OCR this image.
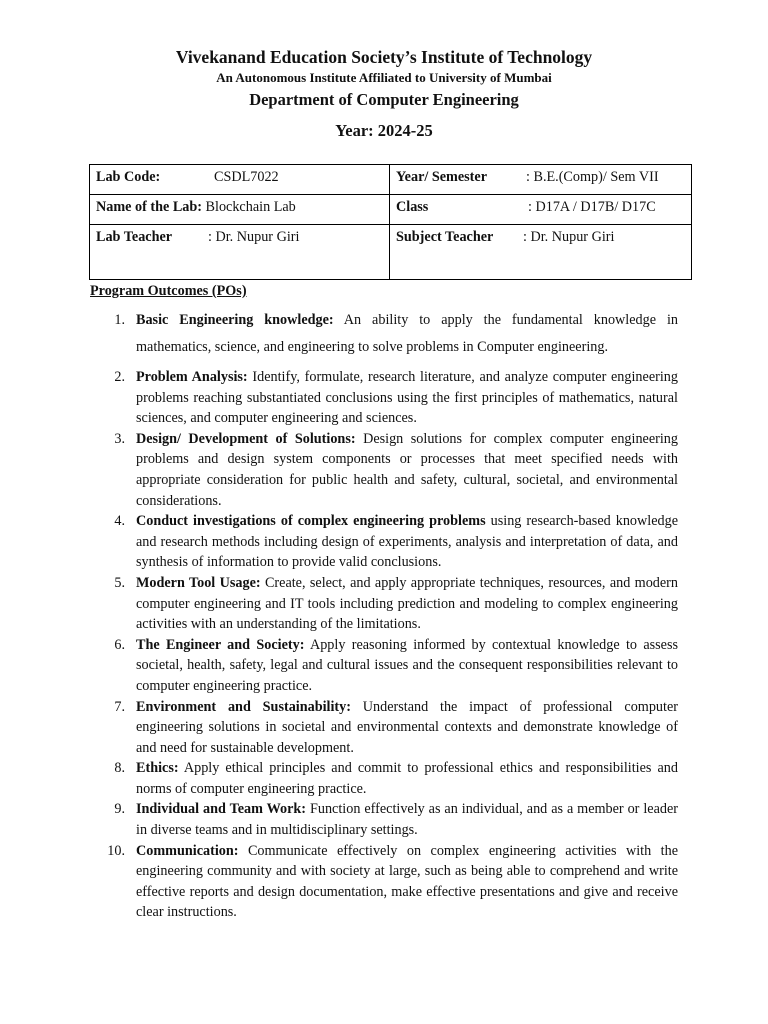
Vivekanand Education Society’s Institute of Technology
An Autonomous Institute Affiliated to University of Mumbai
Department of Computer Engineering
Year: 2024-25
Lab Code: CSDL7022	Year/ Semester : B.E.(Comp)/ Sem VII

Name of the Lab: Blockchain Lab	Class : D17A / D17B/ D17C

Lab Teacher : Dr. Nupur Giri	Subject Teacher : Dr. Nupur Giri
Program Outcomes (POs)
1. Basic Engineering knowledge: An ability to apply the fundamental knowledge in mathematics, science, and engineering to solve problems in Computer engineering.
2. Problem Analysis: Identify, formulate, research literature, and analyze computer engineering problems reaching substantiated conclusions using the first principles of mathematics, natural sciences, and computer engineering and sciences.
3. Design/ Development of Solutions: Design solutions for complex computer engineering problems and design system components or processes that meet specified needs with appropriate consideration for public health and safety, cultural, societal, and environmental considerations.
4. Conduct investigations of complex engineering problems using research-based knowledge and research methods including design of experiments, analysis and interpretation of data, and synthesis of information to provide valid conclusions.
5. Modern Tool Usage: Create, select, and apply appropriate techniques, resources, and modern computer engineering and IT tools including prediction and modeling to complex engineering activities with an understanding of the limitations.
6. The Engineer and Society: Apply reasoning informed by contextual knowledge to assess societal, health, safety, legal and cultural issues and the consequent responsibilities relevant to computer engineering practice.
7. Environment and Sustainability: Understand the impact of professional computer engineering solutions in societal and environmental contexts and demonstrate knowledge of and need for sustainable development.
8. Ethics: Apply ethical principles and commit to professional ethics and responsibilities and norms of computer engineering practice.
9. Individual and Team Work: Function effectively as an individual, and as a member or leader in diverse teams and in multidisciplinary settings.
10. Communication: Communicate effectively on complex engineering activities with the engineering community and with society at large, such as being able to comprehend and write effective reports and design documentation, make effective presentations and give and receive clear instructions.
